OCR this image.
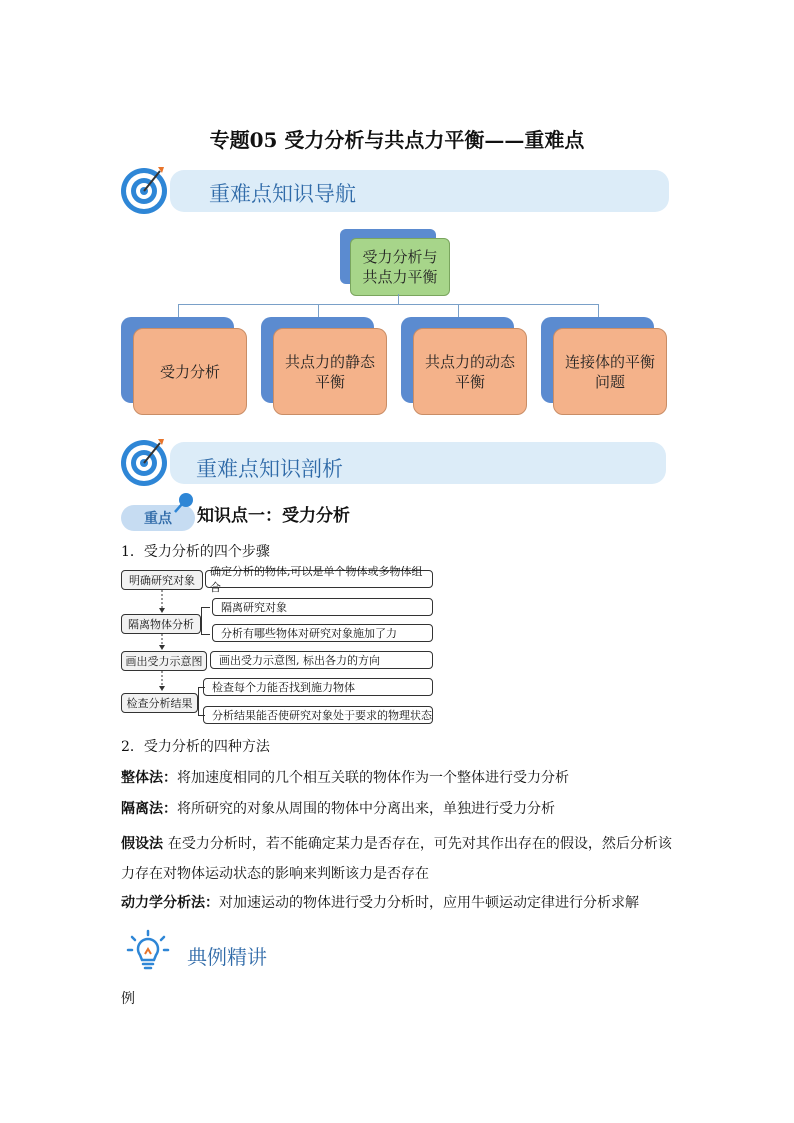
专题05 受力分析与共点力平衡——重难点
重难点知识导航
受力分析与共点力平衡
受力分析
共点力的静态平衡
共点力的动态平衡
连接体的平衡问题
重难点知识剖析
重点	知识点一：受力分析
1．受力分析的四个步骤
明确研究对象
确定分析的物体,可以是单个物体或多物体组合
隔离物体分析
隔离研究对象
分析有哪些物体对研究对象施加了力
画出受力示意图	画出受力示意图, 标出各力的方向
检查分析结果
检查每个力能否找到施力物体
分析结果能否使研究对象处于要求的物理状态
2．受力分析的四种方法
整体法：将加速度相同的几个相互关联的物体作为一个整体进行受力分析
隔离法：将所研究的对象从周围的物体中分离出来，单独进行受力分析
假设法 在受力分析时，若不能确定某力是否存在，可先对其作出存在的假设，然后分析该力存在对物体运动状态的影响来判断该力是否存在
动力学分析法：对加速运动的物体进行受力分析时，应用牛顿运动定律进行分析求解
典例精讲
例
